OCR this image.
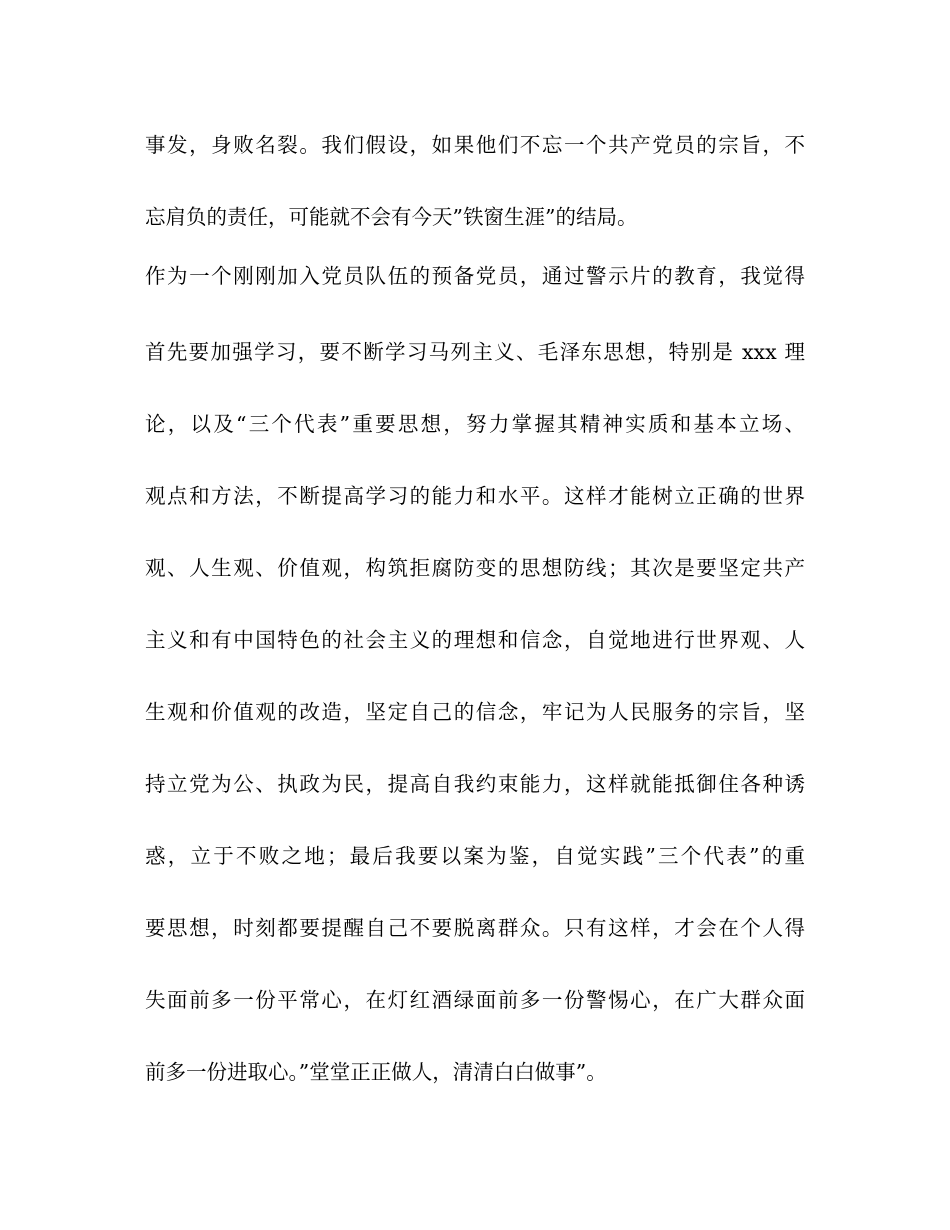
事发，身败名裂。我们假设，如果他们不忘一个共产党员的宗旨，不
忘肩负的责任，可能就不会有今天”铁窗生涯”的结局。
作为一个刚刚加入党员队伍的预备党员，通过警示片的教育，我觉得
首先要加强学习，要不断学习马列主义、毛泽东思想，特别是 xxx 理
论，以及“三个代表”重要思想，努力掌握其精神实质和基本立场、
观点和方法，不断提高学习的能力和水平。这样才能树立正确的世界
观、人生观、价值观，构筑拒腐防变的思想防线；其次是要坚定共产
主义和有中国特色的社会主义的理想和信念，自觉地进行世界观、人
生观和价值观的改造，坚定自己的信念，牢记为人民服务的宗旨，坚
持立党为公、执政为民，提高自我约束能力，这样就能抵御住各种诱
惑，立于不败之地；最后我要以案为鉴，自觉实践”三个代表”的重
要思想，时刻都要提醒自己不要脱离群众。只有这样，才会在个人得
失面前多一份平常心，在灯红酒绿面前多一份警惕心，在广大群众面
前多一份进取心。”堂堂正正做人，清清白白做事”。
